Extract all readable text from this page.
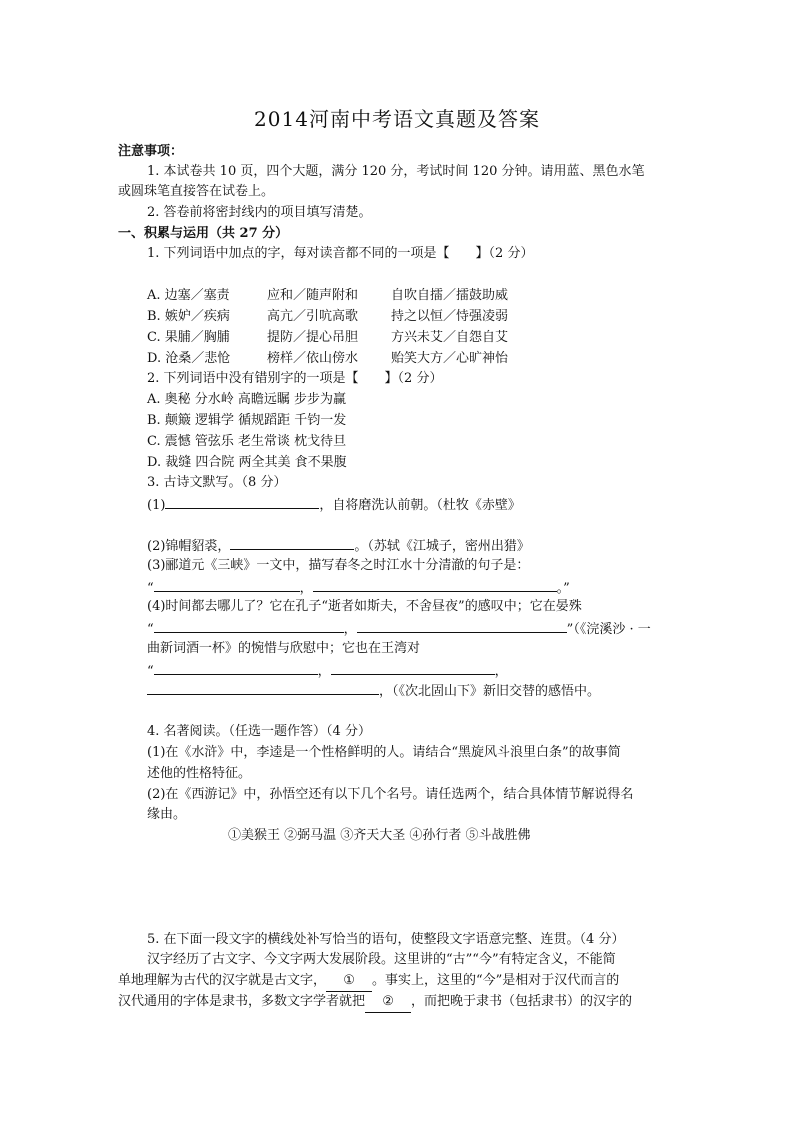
2014河南中考语文真题及答案
注意事项：
1. 本试卷共 10 页，四个大题，满分 120 分，考试时间 120 分钟。请用蓝、黑色水笔
或圆珠笔直接答在试卷上。
2. 答卷前将密封线内的项目填写清楚。
一、积累与运用（共 27 分）
1. 下列词语中加点的字，每对读音都不同的一项是【　　】（2 分）
A. 边塞／塞责	应和／随声附和	自吹自擂／擂鼓助威
B. 嫉妒／疾病	高亢／引吭高歌	持之以恒／恃强凌弱
C. 果脯／胸脯	提防／提心吊胆	方兴未艾／自怨自艾
D. 沧桑／悲怆	榜样／依山傍水	贻笑大方／心旷神怡
2. 下列词语中没有错别字的一项是【　　】（2 分）
A. 奥秘 分水岭 高瞻远瞩 步步为赢
B. 颠簸 逻辑学 循规蹈距 千钧一发
C. 震憾 管弦乐 老生常谈 枕戈待旦
D. 裁缝 四合院 两全其美 食不果腹
3. 古诗文默写。（8 分）
(1)	，自将磨洗认前朝。（杜牧《赤壁》
(2)锦帽貂裘，	。（苏轼《江城子，密州出猎》
(3)郦道元《三峡》一文中，描写春冬之时江水十分清澈的句子是：
“	，	。”
(4)时间都去哪儿了？它在孔子“逝者如斯夫，不舍昼夜”的感叹中；它在晏殊
“	，	”（《浣溪沙 · 一
曲新词酒一杯》的惋惜与欣慰中；它也在王湾对
“	，	，
，（《次北固山下》新旧交替的感悟中。
4. 名著阅读。（任选一题作答）（4 分）
(1)在《水浒》中，李逵是一个性格鲜明的人。请结合“黑旋风斗浪里白条”的故事简
述他的性格特征。
(2)在《西游记》中，孙悟空还有以下几个名号。请任选两个，结合具体情节解说得名
缘由。
①美猴王 ②弼马温 ③齐天大圣 ④孙行者 ⑤斗战胜佛
5. 在下面一段文字的横线处补写恰当的语句，使整段文字语意完整、连贯。（4 分）
汉字经历了古文字、今文字两大发展阶段。这里讲的“古”“今”有特定含义，不能简
单地理解为古代的汉字就是古文字， ① 。事实上，这里的“今”是相对于汉代而言的
汉代通用的字体是隶书，多数文字学者就把 ② ，而把晚于隶书（包括隶书）的汉字的
